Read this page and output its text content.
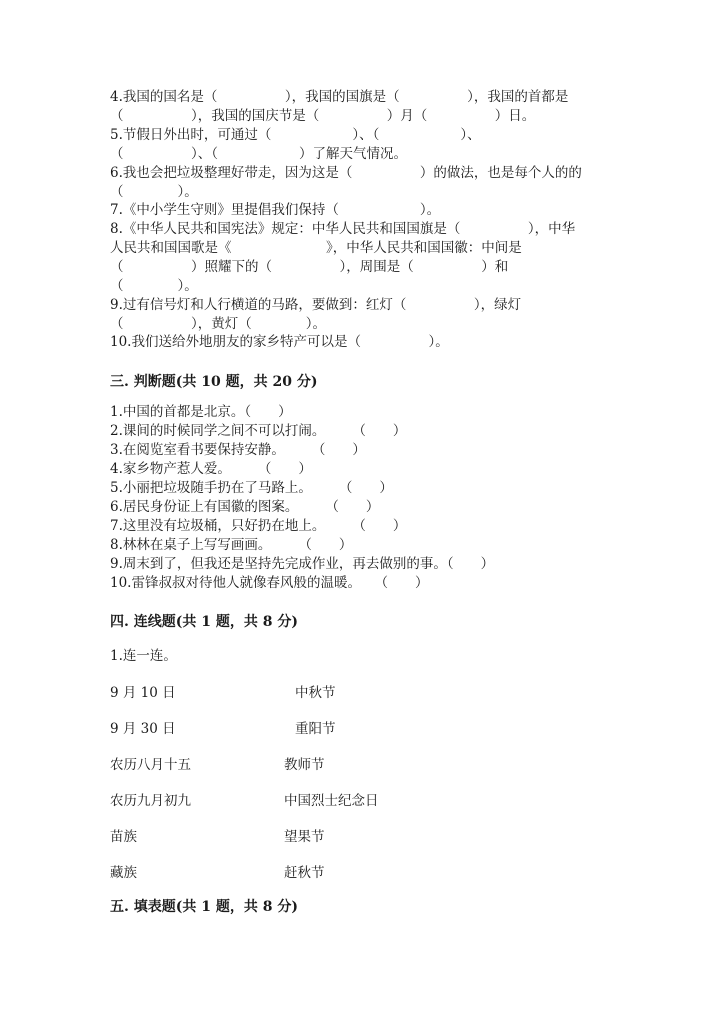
4.我国的国名是（　　　　　），我国的国旗是（　　　　　），我国的首都是
（　　　　　），我国的国庆节是（　　　　　）月（　　　　　）日。
5.节假日外出时，可通过（　　　　　　）、（　　　　　　）、
（　　　　　）、（　　　　　　）了解天气情况。
6.我也会把垃圾整理好带走，因为这是（　　　　　）的做法，也是每个人的的
（　　　　）。
7.《中小学生守则》里提倡我们保持（　　　　　　）。
8.《中华人民共和国宪法》规定：中华人民共和国国旗是（　　　　　），中华
人民共和国国歌是《　　　　　　　》，中华人民共和国国徽：中间是
（　　　　　）照耀下的（　　　　　），周围是（　　　　　）和
（　　　　）。
9.过有信号灯和人行横道的马路，要做到：红灯（　　　　　），绿灯
（　　　　　），黄灯（　　　　）。
10.我们送给外地朋友的家乡特产可以是（　　　　　）。
三. 判断题(共 10 题，共 20 分)
1.中国的首都是北京。（　　）
2.课间的时候同学之间不可以打闹。　　　（　　）
3.在阅览室看书要保持安静。　　　（　　）
4.家乡物产惹人爱。　　　（　　）
5.小丽把垃圾随手扔在了马路上。　　　（　　）
6.居民身份证上有国徽的图案。　　　（　　）
7.这里没有垃圾桶，只好扔在地上。　　　（　　）
8.林林在桌子上写写画画。　　　（　　）
9.周末到了，但我还是坚持先完成作业，再去做别的事。（　　）
10.雷锋叔叔对待他人就像春风般的温暖。　　（　　）
四. 连线题(共 1 题，共 8 分)
1.连一连。
9 月 10 日
9 月 30 日
农历八月十五
农历九月初九
苗族
藏族
中秋节
重阳节
教师节
中国烈士纪念日
望果节
赶秋节
五. 填表题(共 1 题，共 8 分)
